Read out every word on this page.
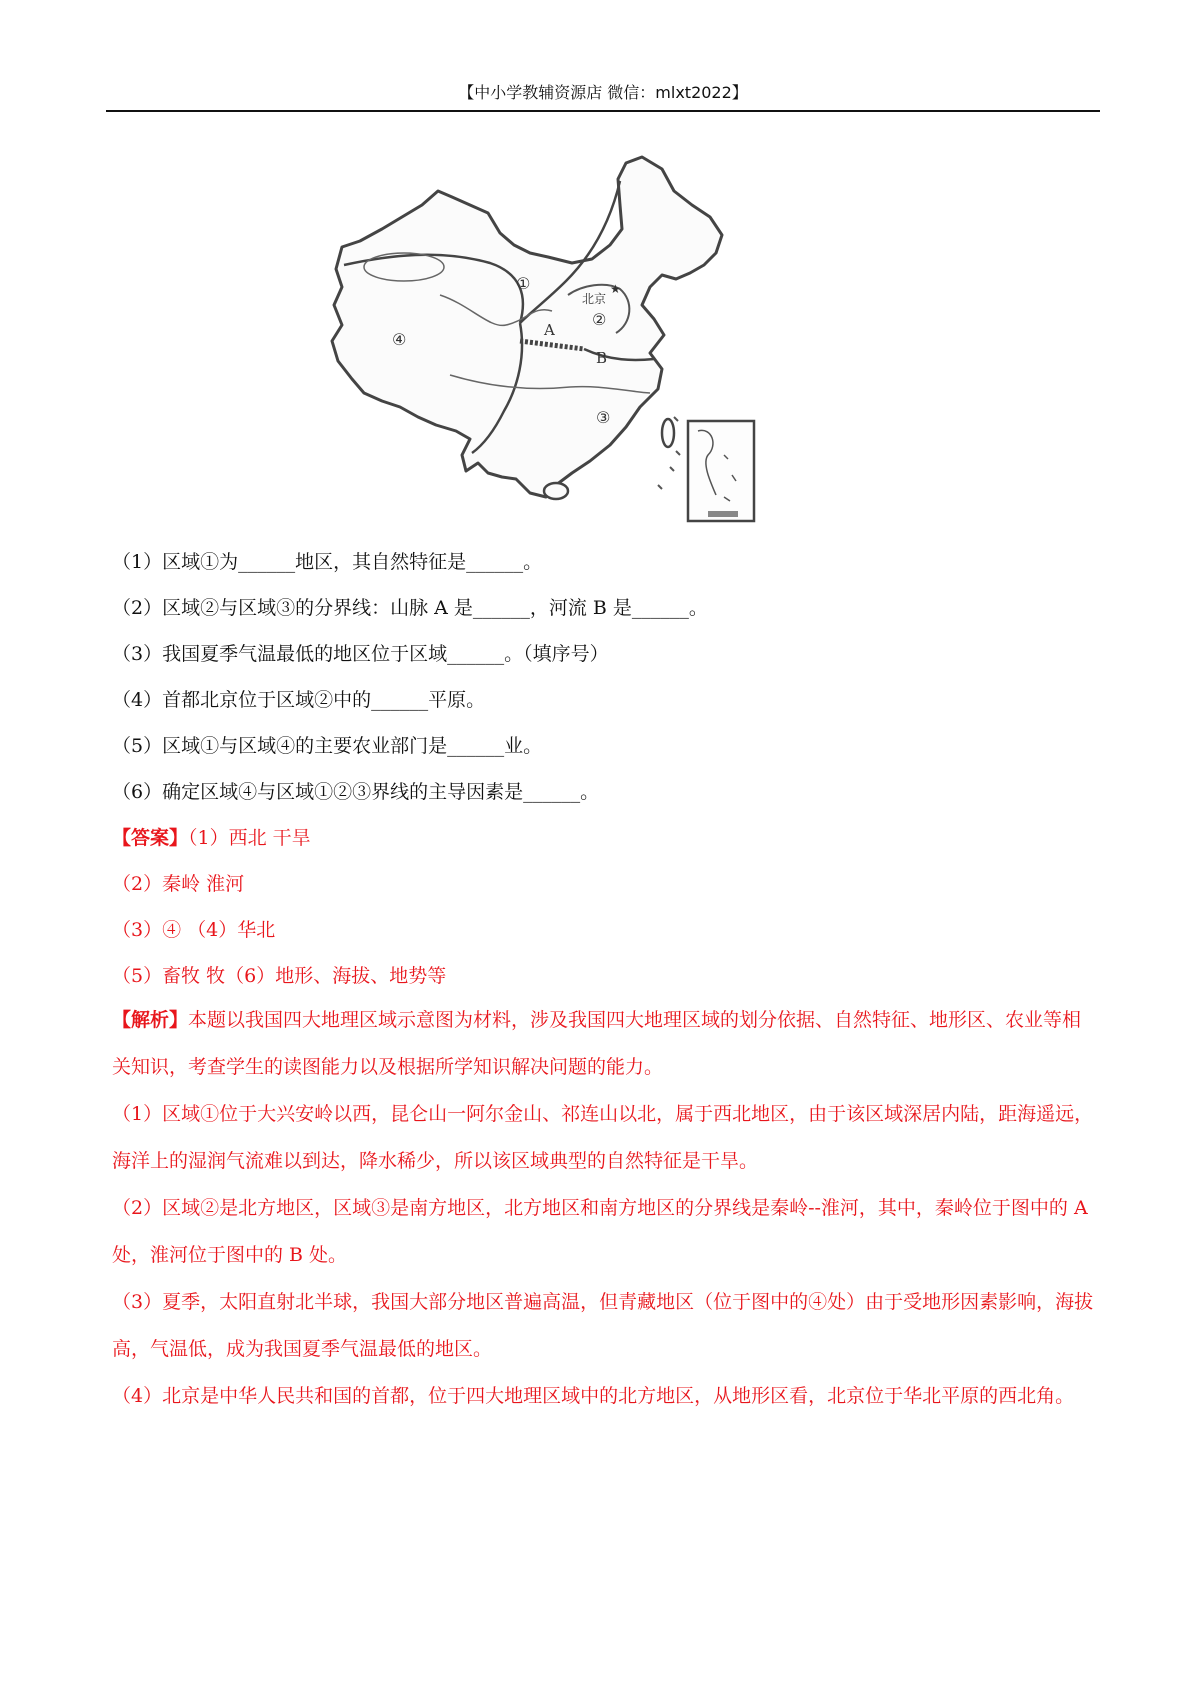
【中小学教辅资源店 微信：mlxt2022】
①
②
③
④	A
B
北京
★
（1）区域①为______地区，其自然特征是______。
（2）区域②与区域③的分界线：山脉 A 是______，河流 B 是______。
（3）我国夏季气温最低的地区位于区域______。（填序号）
（4）首都北京位于区域②中的______平原。
（5）区域①与区域④的主要农业部门是______业。
（6）确定区域④与区域①②③界线的主导因素是______。
【答案】（1）西北 干旱
（2）秦岭 淮河
（3）④ （4）华北
（5）畜牧 牧（6）地形、海拔、地势等
【解析】本题以我国四大地理区域示意图为材料，涉及我国四大地理区域的划分依据、自然特征、地形区、农业等相关知识，考查学生的读图能力以及根据所学知识解决问题的能力。
（1）区域①位于大兴安岭以西，昆仑山一阿尔金山、祁连山以北，属于西北地区，由于该区域深居内陆，距海遥远，海洋上的湿润气流难以到达，降水稀少，所以该区域典型的自然特征是干旱。
（2）区域②是北方地区，区域③是南方地区，北方地区和南方地区的分界线是秦岭--淮河，其中，秦岭位于图中的 A 处，淮河位于图中的 B 处。
（3）夏季，太阳直射北半球，我国大部分地区普遍高温，但青藏地区（位于图中的④处）由于受地形因素影响，海拔高，气温低，成为我国夏季气温最低的地区。
（4）北京是中华人民共和国的首都，位于四大地理区域中的北方地区，从地形区看，北京位于华北平原的西北角。
